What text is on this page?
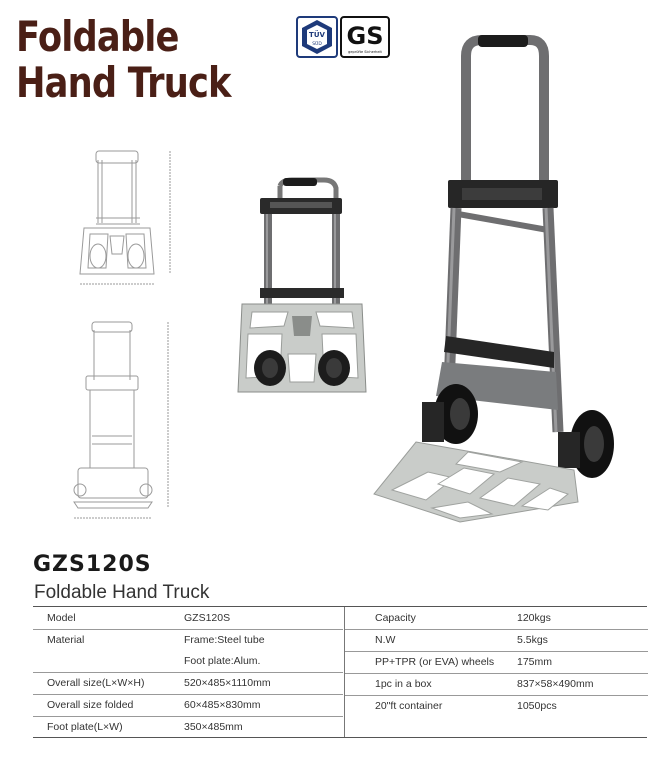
Foldable
Hand Truck
TÜV
SÜD GS
geprüfte Sicherheit
GZS120S

Foldable Hand Truck

Model	GZS120S
Material	Frame:Steel tube
Foot plate:Alum.
Overall size(L×W×H)	520×485×1110mm
Overall size folded	60×485×830mm
Foot plate(L×W)	350×485mm
Capacity	120kgs
N.W	5.5kgs
PP+TPR (or EVA) wheels 175mm
1pc in a box	837×58×490mm
20"ft container	1050pcs
